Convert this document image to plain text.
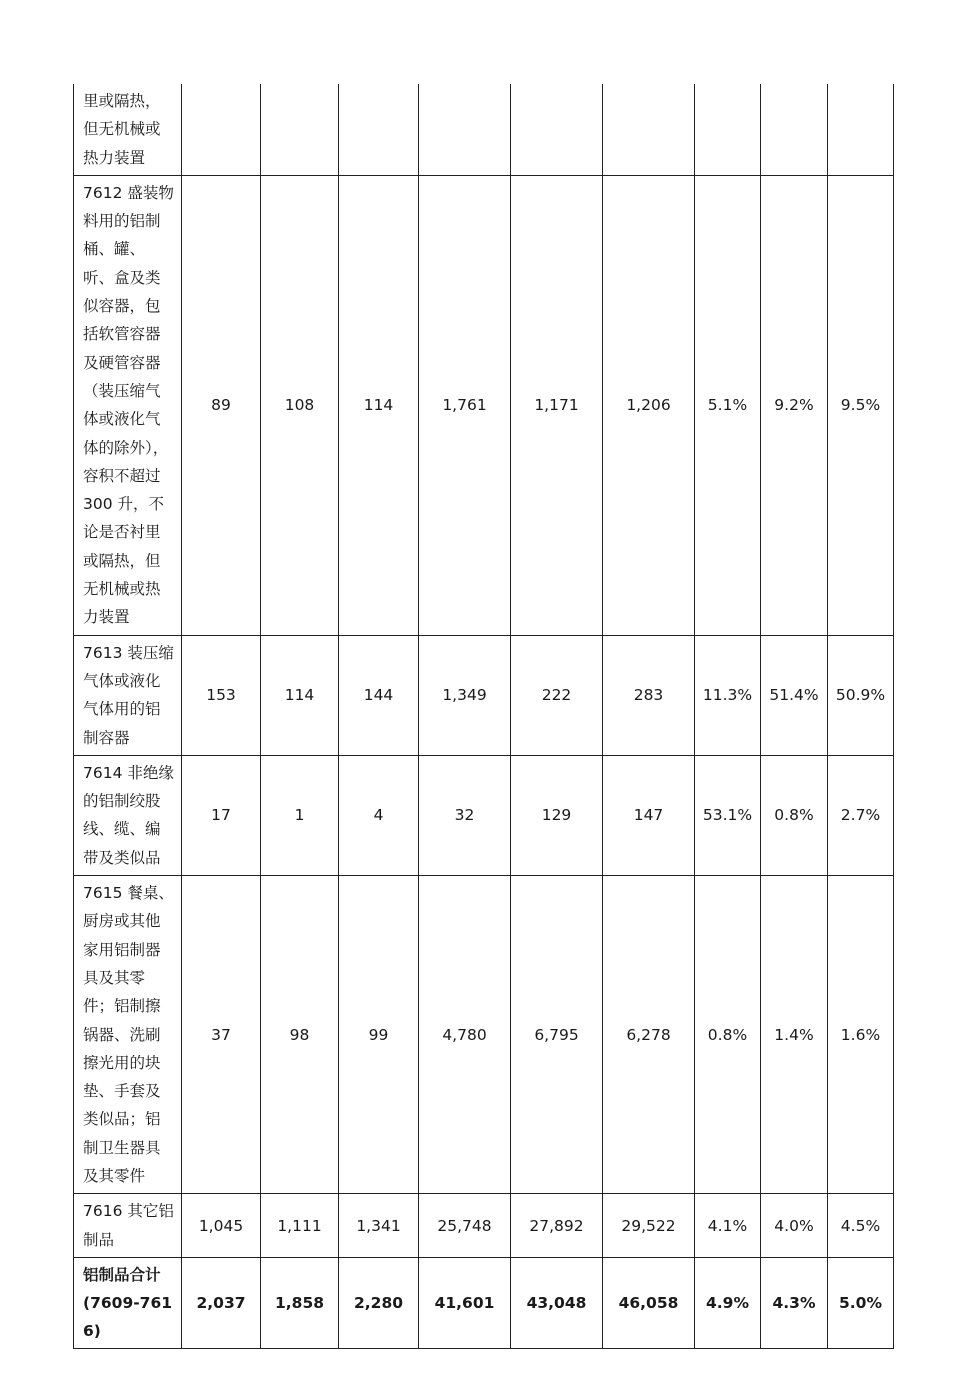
里或隔热，但无机械或热力装置									

7612 盛装物料用的铝制桶、罐、听、盒及类似容器，包括软管容器及硬管容器（装压缩气体或液化气体的除外），容积不超过 300 升，不论是否衬里或隔热，但无机械或热力装置	89	108	114	1,761	1,171	1,206	5.1%	9.2%	9.5%

7613 装压缩气体或液化气体用的铝制容器	153	114	144	1,349	222	283	11.3%	51.4%	50.9%

7614 非绝缘的铝制绞股线、缆、编带及类似品	17	1	4	32	129	147	53.1%	0.8%	2.7%

7615 餐桌、厨房或其他家用铝制器具及其零件；铝制擦锅器、洗刷擦光用的块垫、手套及类似品；铝制卫生器具及其零件	37	98	99	4,780	6,795	6,278	0.8%	1.4%	1.6%

7616 其它铝制品	1,045	1,111	1,341	25,748	27,892	29,522	4.1%	4.0%	4.5%

铝制品合计
(7609-7616)	2,037	1,858	2,280	41,601	43,048	46,058	4.9%	4.3%	5.0%
